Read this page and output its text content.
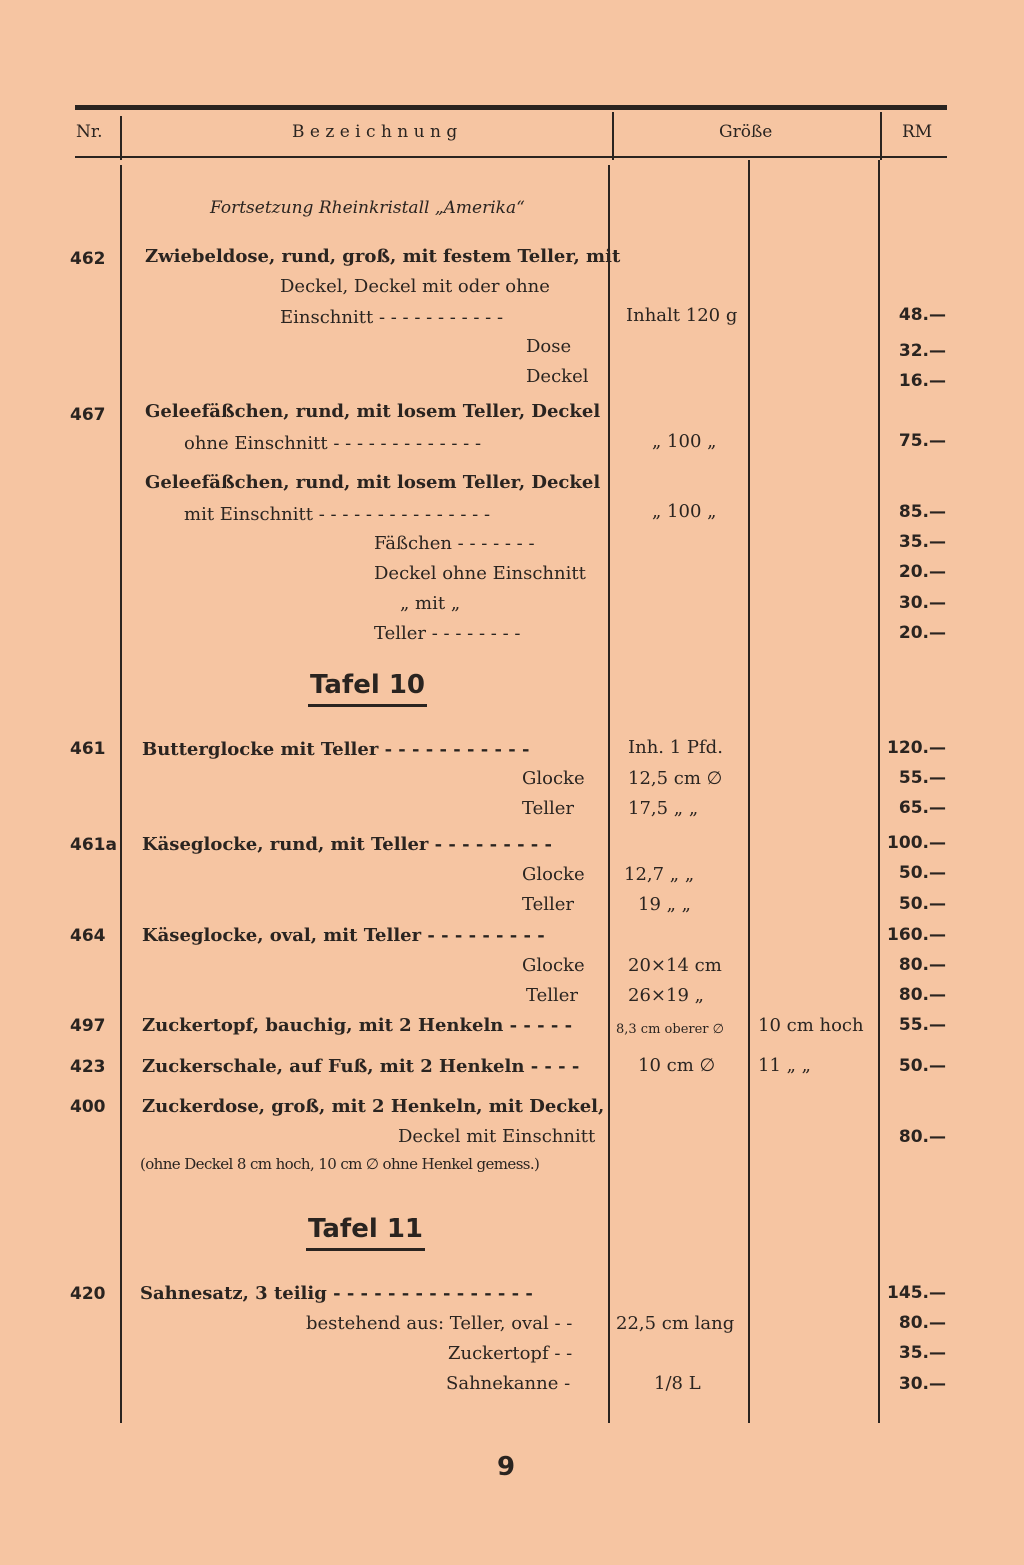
Nr.	B e z e i c h n u n g	Größe	RM
Fortsetzung Rheinkristall „Amerika“
462 Zwiebeldose, rund, groß, mit festem Teller, mit
Deckel, Deckel mit oder ohne
Einschnitt - - - - - - - - - - -	Inhalt 120 g	48.—
Dose	32.—
Deckel	16.—
467 Geleefäßchen, rund, mit losem Teller, Deckel
ohne Einschnitt - - - - - - - - - - - - -	„ 100 „	75.—
Geleefäßchen, rund, mit losem Teller, Deckel
mit Einschnitt - - - - - - - - - - - - - - -	„ 100 „	85.—
Fäßchen - - - - - - -	35.—
Deckel ohne Einschnitt	20.—
„ mit „	30.—
Teller - - - - - - - -	20.—
Tafel 10
461 Butterglocke mit Teller - - - - - - - - - - -	Inh. 1 Pfd.	120.—
Glocke 12,5 cm ∅	55.—
Teller	17,5 „ „	65.—
461a Käseglocke, rund, mit Teller - - - - - - - - -	100.—
Glocke 12,7 „ „	50.—
Teller	19 „ „	50.—
464 Käseglocke, oval, mit Teller - - - - - - - - -	160.—
Glocke 20×14 cm	80.—
Teller	26×19 „	80.—
497 Zuckertopf, bauchig, mit 2 Henkeln - - - - -	8,3 cm oberer ∅	10 cm hoch	55.—
423 Zuckerschale, auf Fuß, mit 2 Henkeln - - - -	10 cm ∅	11 „ „	50.—
400 Zuckerdose, groß, mit 2 Henkeln, mit Deckel,
Deckel mit Einschnitt	80.—
(ohne Deckel 8 cm hoch, 10 cm ∅ ohne Henkel gemess.)
Tafel 11
420 Sahnesatz, 3 teilig - - - - - - - - - - - - - - -	145.—
bestehend aus: Teller, oval - - 22,5 cm lang	80.—
Zuckertopf - -	35.—
Sahnekanne -	1/8 L	30.—
9
